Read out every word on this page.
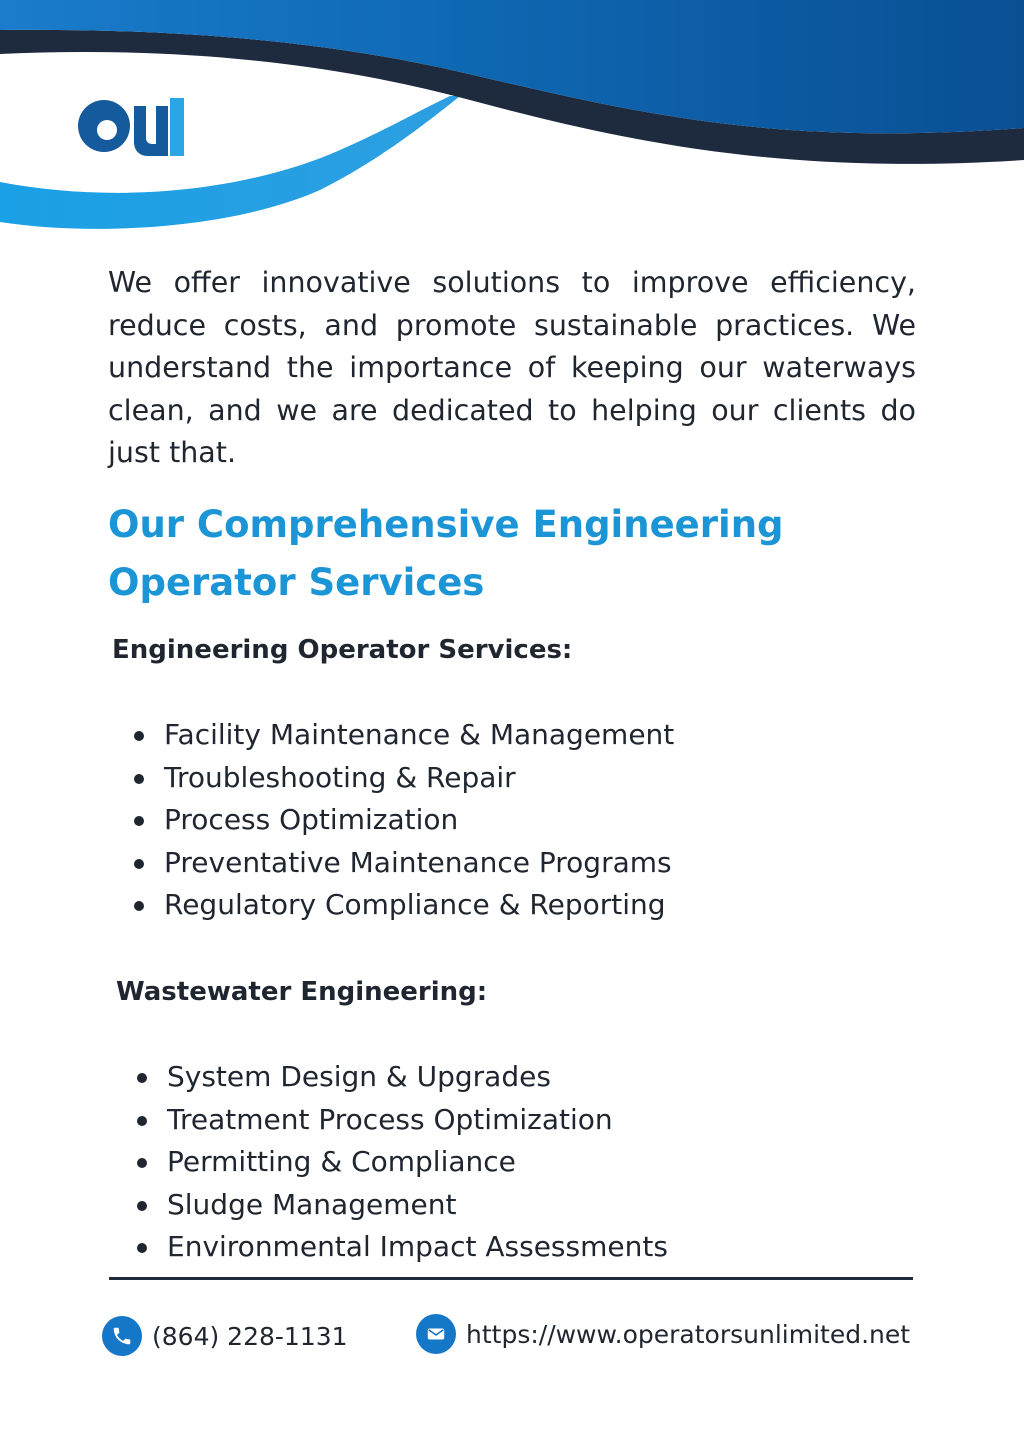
We offer innovative solutions to improve efficiency, reduce costs, and promote sustainable practices. We understand the importance of keeping our waterways clean, and we are dedicated to helping our clients do just that.

Our Comprehensive Engineering
Operator Services
Engineering Operator Services:
Facility Maintenance & Management
Troubleshooting & Repair
Process Optimization
Preventative Maintenance Programs
Regulatory Compliance & Reporting
Wastewater Engineering:
System Design & Upgrades
Treatment Process Optimization
Permitting & Compliance
Sludge Management
Environmental Impact Assessments
(864) 228-1131	https://www.operatorsunlimited.net
